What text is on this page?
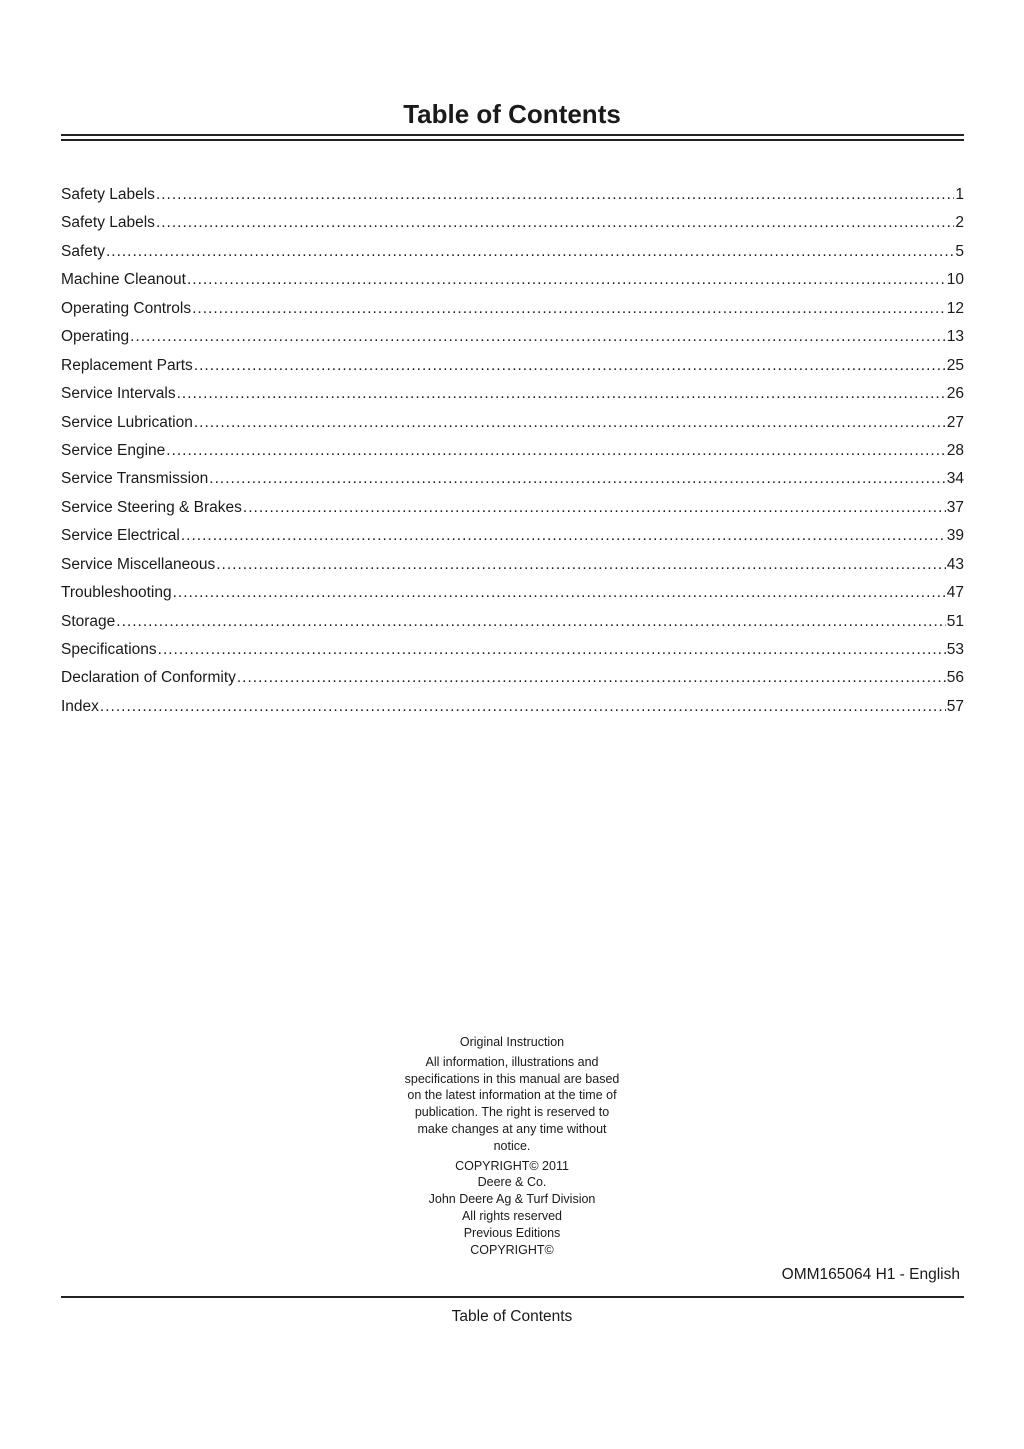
Table of Contents
Safety Labels .....	1
Safety Labels .....	2
Safety .....	5
Machine Cleanout .....	10
Operating Controls .....	12
Operating .....	13
Replacement Parts .....	25
Service Intervals .....	26
Service Lubrication .....	27
Service Engine .....	28
Service Transmission .....	34
Service Steering & Brakes .....	37
Service Electrical .....	39
Service Miscellaneous .....	43
Troubleshooting .....	47
Storage .....	51
Specifications .....	53
Declaration of Conformity .....	56
Index .....	57

Original Instruction

All information, illustrations and

specifications in this manual are based

on the latest information at the time of

publication. The right is reserved to

make changes at any time without

notice.

COPYRIGHT© 2011

Deere & Co.

John Deere Ag & Turf Division

All rights reserved

Previous Editions

COPYRIGHT©

OMM165064 H1 - English
Table of Contents
